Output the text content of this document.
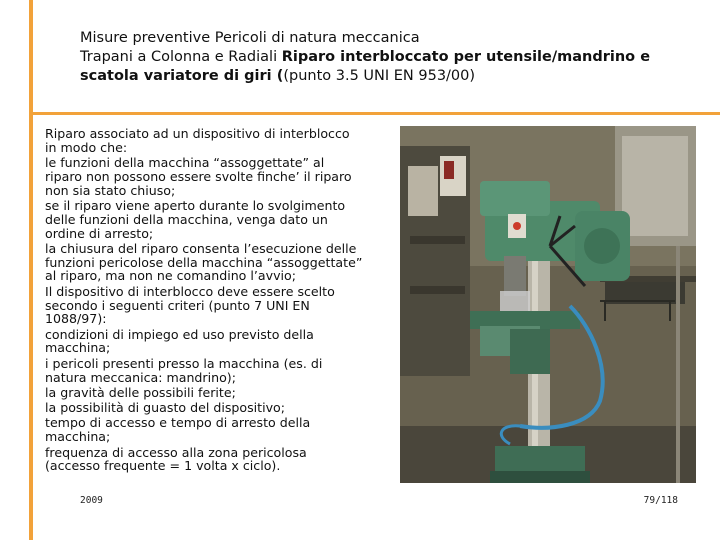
Misure preventive Pericoli di natura meccanica

Trapani a Colonna e Radiali Riparo interbloccato per utensile/mandrino e

scatola variatore di giri ((punto 3.5 UNI EN 953/00)

Riparo associato ad un dispositivo di interblocco in modo che:

le funzioni della macchina “assoggettate” al riparo non possono essere svolte finche’ il riparo non sia stato chiuso;

se il riparo viene aperto durante lo svolgimento delle funzioni della macchina, venga dato un ordine di arresto;

la chiusura del riparo consenta l’esecuzione delle funzioni pericolose della macchina “assoggettate” al riparo, ma non ne comandino l’avvio;

Il dispositivo di interblocco deve essere scelto secondo i seguenti criteri (punto 7 UNI EN 1088/97):

condizioni di impiego ed uso previsto della macchina;

i pericoli presenti presso la macchina (es. di natura meccanica: mandrino);

la gravità delle possibili ferite;

la possibilità di guasto del dispositivo;

tempo di accesso e tempo di arresto della macchina;

frequenza di accesso alla zona pericolosa (accesso frequente = 1 volta x ciclo).

2009	79/118
